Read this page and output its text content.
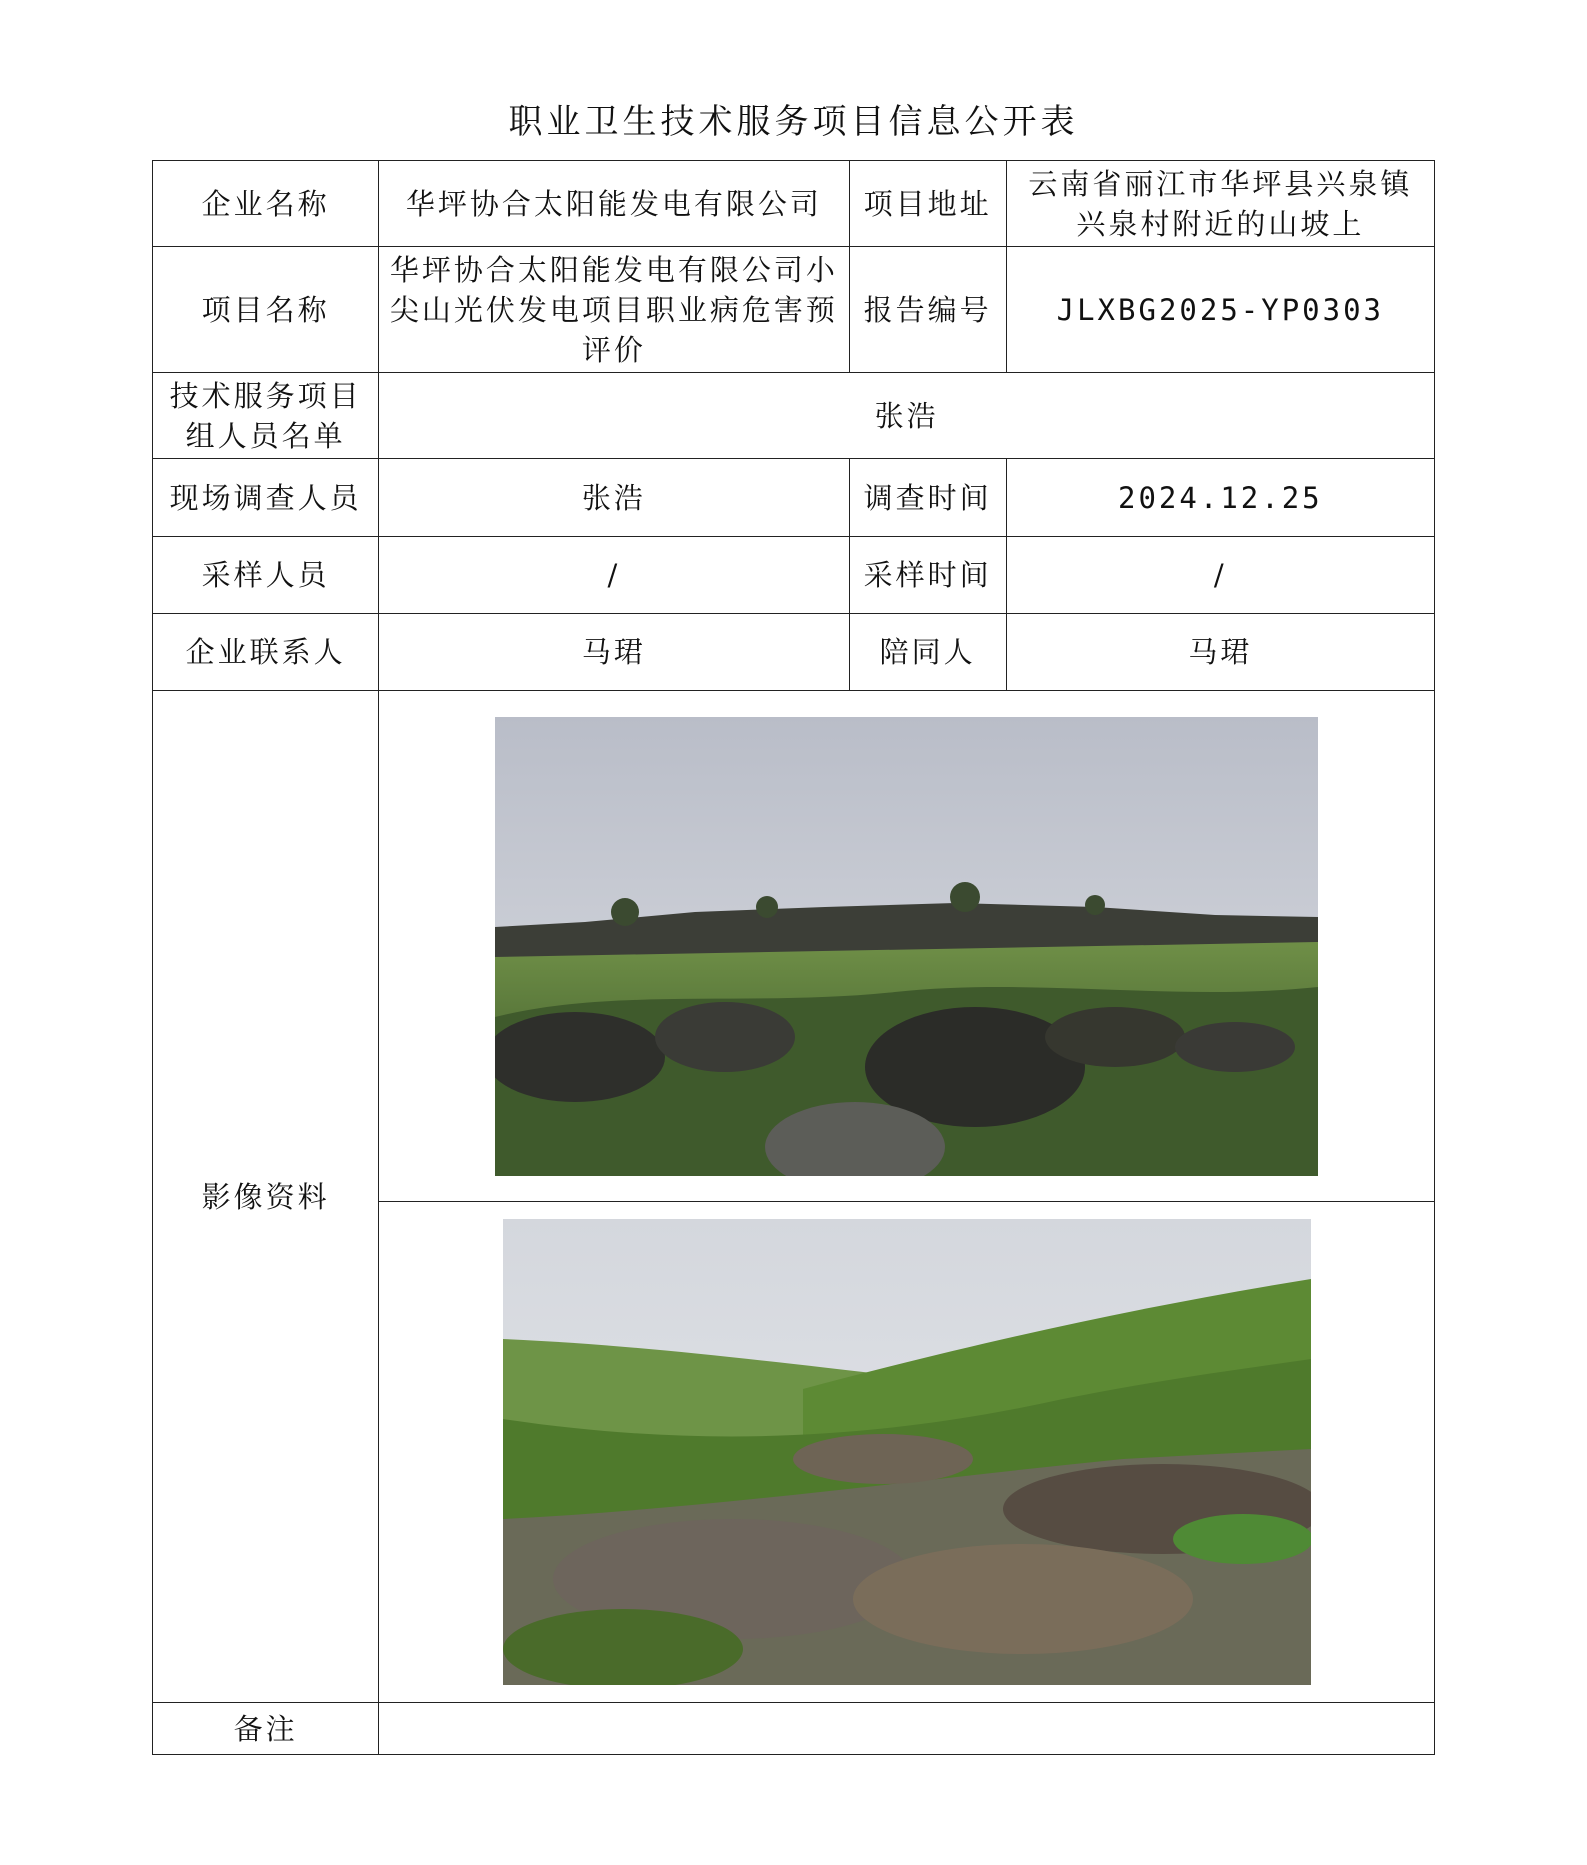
职业卫生技术服务项目信息公开表
企业名称	华坪协合太阳能发电有限公司	项目地址	云南省丽江市华坪县兴泉镇兴泉村附近的山坡上
项目名称	华坪协合太阳能发电有限公司小尖山光伏发电项目职业病危害预评价	报告编号	JLXBG2025-YP0303
技术服务项目组人员名单	张浩		
现场调查人员	张浩	调查时间	2024.12.25
采样人员	/	采样时间	/
企业联系人	马珺	陪同人	马珺
影像资料	

备注			
